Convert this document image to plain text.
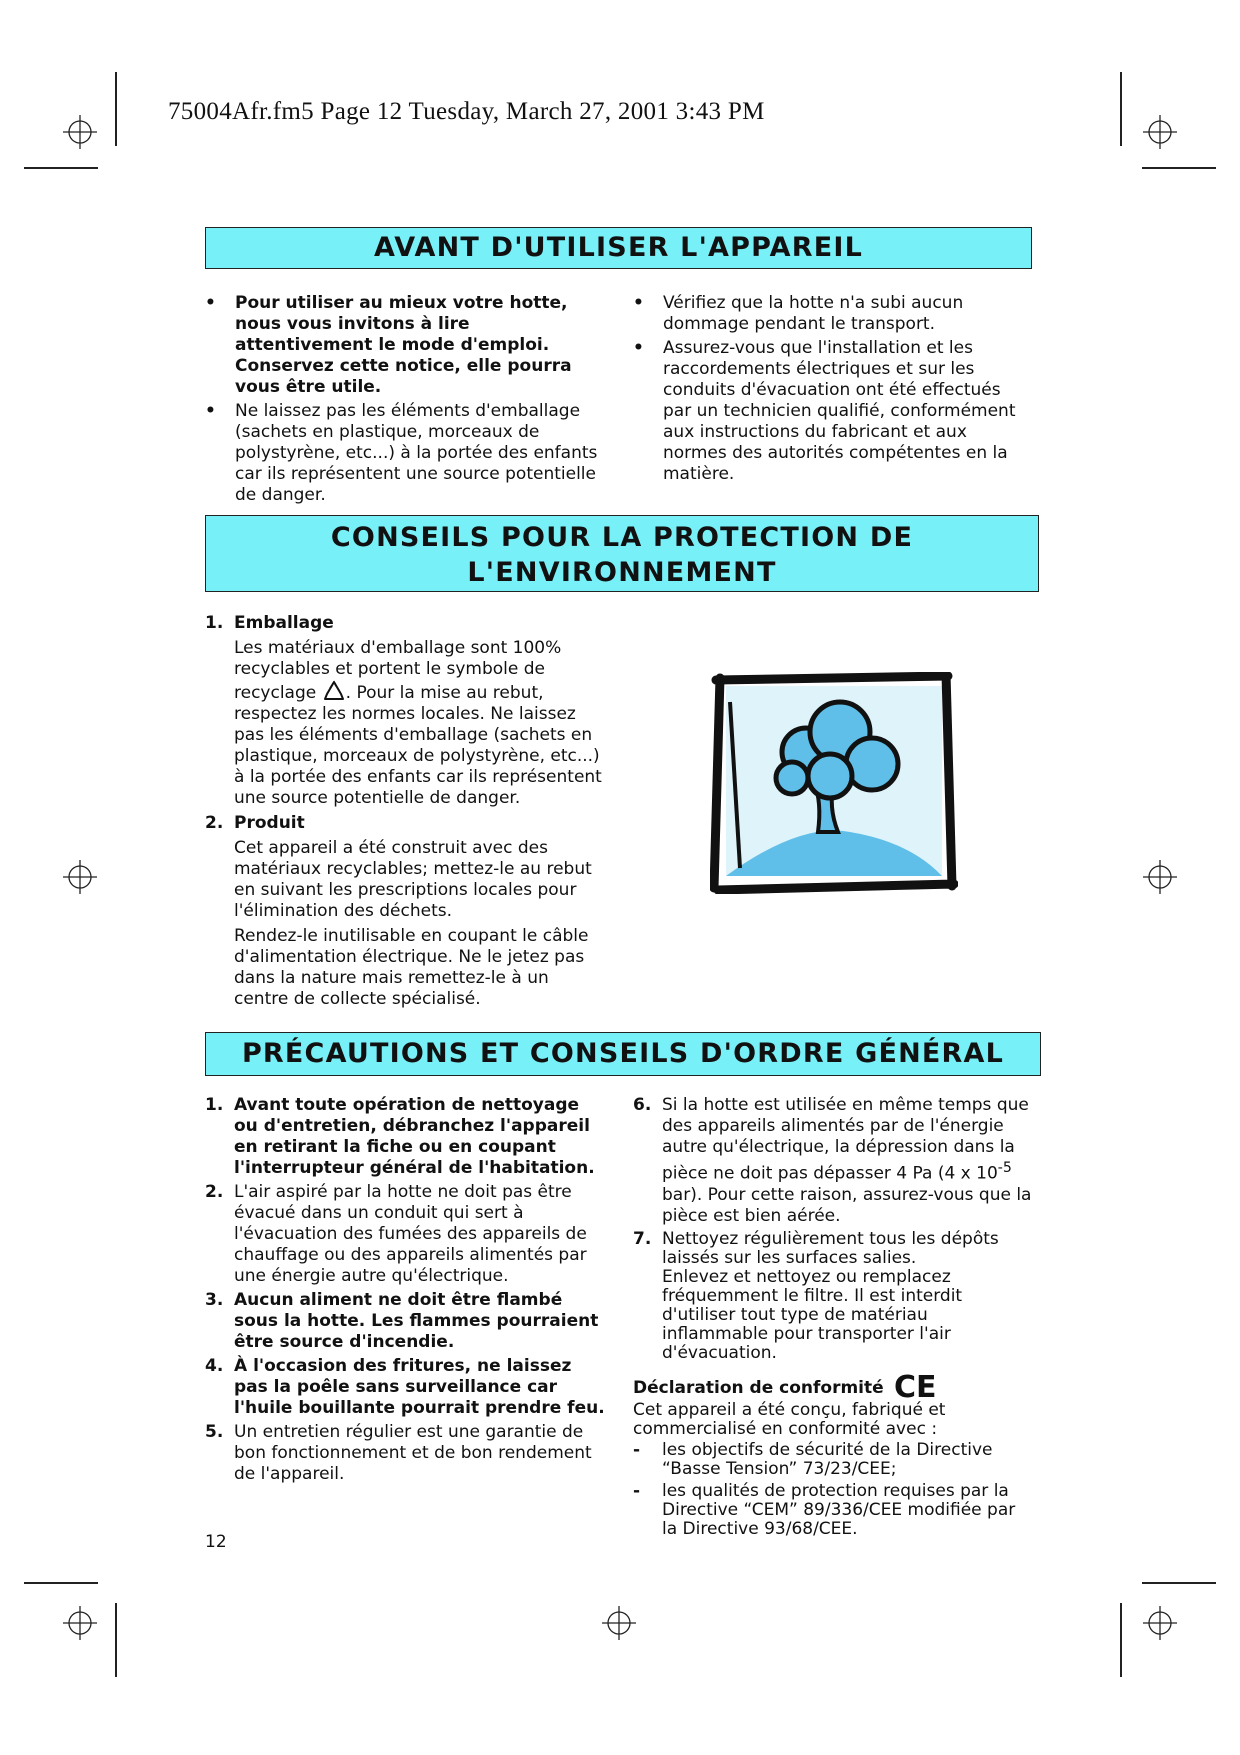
75004Afr.fm5 Page 12 Tuesday, March 27, 2001 3:43 PM
AVANT D'UTILISER L'APPAREIL
• Pour utiliser au mieux votre hotte, nous vous invitons à lire attentivement le mode d'emploi. Conservez cette notice, elle pourra vous être utile.
• Ne laissez pas les éléments d'emballage (sachets en plastique, morceaux de polystyrène, etc...) à la portée des enfants car ils représentent une source potentielle de danger.
• Vérifiez que la hotte n'a subi aucun dommage pendant le transport.
• Assurez-vous que l'installation et les raccordements électriques et sur les conduits d'évacuation ont été effectués par un technicien qualifié, conformément aux instructions du fabricant et aux normes des autorités compétentes en la matière.
CONSEILS POUR LA PROTECTION DE
L'ENVIRONNEMENT
1. Emballage
Les matériaux d'emballage sont 100% recyclables et portent le symbole de recyclage . Pour la mise au rebut, respectez les normes locales. Ne laissez pas les éléments d'emballage (sachets en plastique, morceaux de polystyrène, etc...) à la portée des enfants car ils représentent une source potentielle de danger.
2. Produit
Cet appareil a été construit avec des matériaux recyclables; mettez-le au rebut en suivant les prescriptions locales pour l'élimination des déchets.
Rendez-le inutilisable en coupant le câble d'alimentation électrique. Ne le jetez pas dans la nature mais remettez-le à un centre de collecte spécialisé.
PRÉCAUTIONS ET CONSEILS D'ORDRE GÉNÉRAL
1. Avant toute opération de nettoyage ou d'entretien, débranchez l'appareil en retirant la fiche ou en coupant l'interrupteur général de l'habitation.
2. L'air aspiré par la hotte ne doit pas être évacué dans un conduit qui sert à l'évacuation des fumées des appareils de chauffage ou des appareils alimentés par une énergie autre qu'électrique.
3. Aucun aliment ne doit être flambé sous la hotte. Les flammes pourraient être source d'incendie.
4. À l'occasion des fritures, ne laissez pas la poêle sans surveillance car l'huile bouillante pourrait prendre feu.
5. Un entretien régulier est une garantie de bon fonctionnement et de bon rendement de l'appareil.
6. Si la hotte est utilisée en même temps que des appareils alimentés par de l'énergie autre qu'électrique, la dépression dans la pièce ne doit pas dépasser 4 Pa (4 x $10^{-5}$ bar). Pour cette raison, assurez-vous que la pièce est bien aérée.
7. Nettoyez régulièrement tous les dépôts laissés sur les surfaces salies.
Enlevez et nettoyez ou remplacez fréquemment le filtre. Il est interdit d'utiliser tout type de matériau inflammable pour transporter l'air d'évacuation.
Déclaration de conformité CE
Cet appareil a été conçu, fabriqué et commercialisé en conformité avec :
- les objectifs de sécurité de la Directive “Basse Tension” 73/23/CEE;
- les qualités de protection requises par la Directive “CEM” 89/336/CEE modifiée par la Directive 93/68/CEE.
12
